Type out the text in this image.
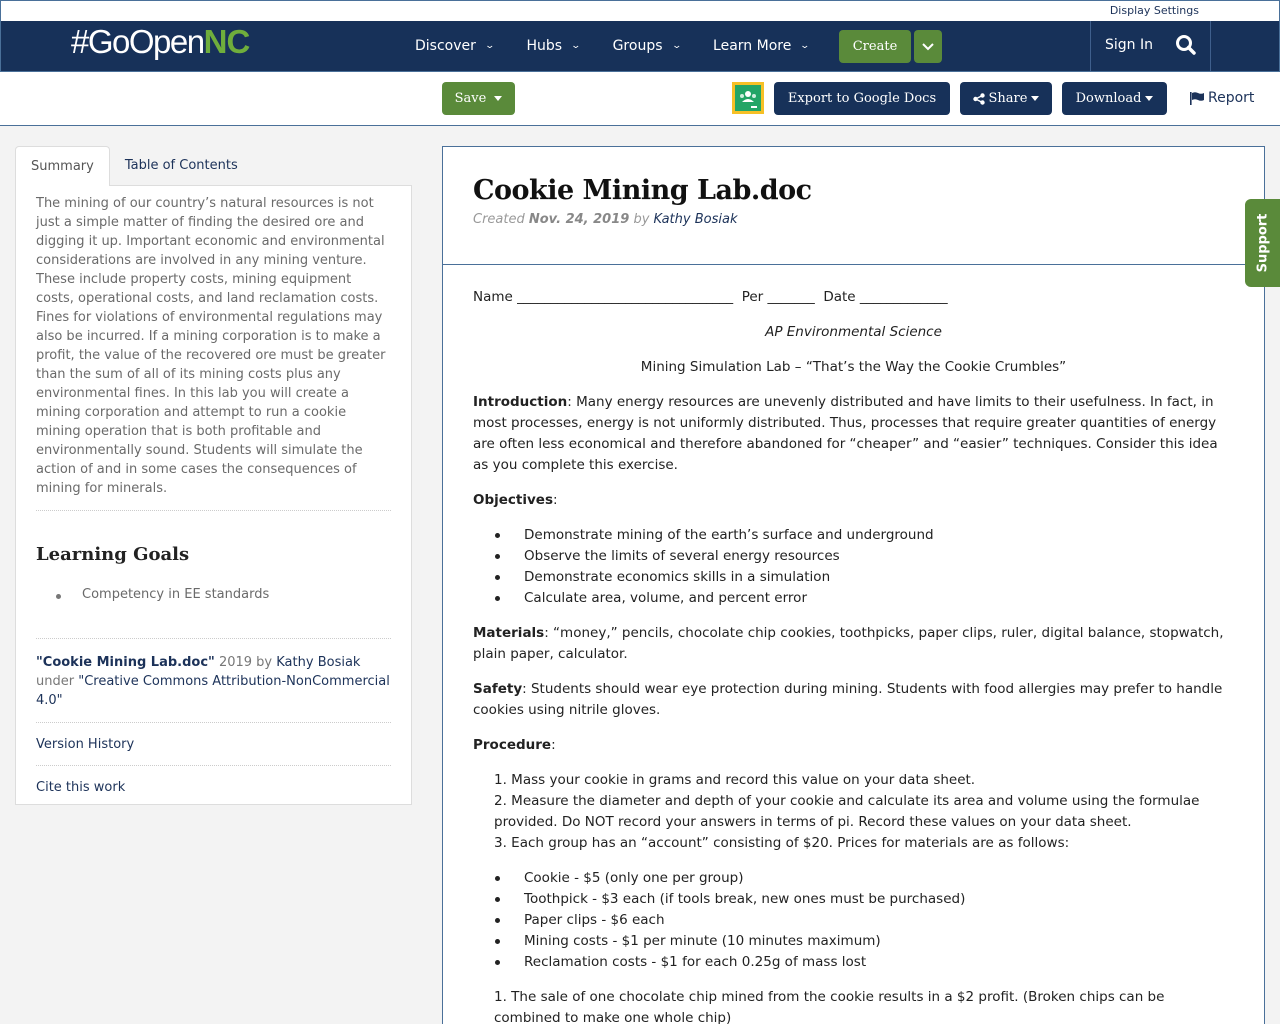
Display Settings
#GoOpenNC	Discover ⌄ Hubs ⌄ Groups ⌄ Learn More ⌄	Create	Sign In
Save	Export to Google Docs	Share	Download	Report
Summary	Table of Contents

The mining of our country’s natural resources is not just a simple matter of finding the desired ore and digging it up. Important economic and environmental considerations are involved in any mining venture. These include property costs, mining equipment costs, operational costs, and land reclamation costs. Fines for violations of environmental regulations may also be incurred. If a mining corporation is to make a profit, the value of the recovered ore must be greater than the sum of all of its mining costs plus any environmental fines. In this lab you will create a mining corporation and attempt to run a cookie mining operation that is both profitable and environmentally sound. Students will simulate the action of and in some cases the consequences of mining for minerals.

Learning Goals
Competency in EE standards
"Cookie Mining Lab.doc" 2019 by Kathy Bosiak
under "Creative Commons Attribution-NonCommercial 4.0"
Version History
Cite this work
Cookie Mining Lab.doc
Created Nov. 24, 2019 by Kathy Bosiak

Name ________________________________  Per _______  Date _____________

AP Environmental Science

Mining Simulation Lab – “That’s the Way the Cookie Crumbles”

Introduction: Many energy resources are unevenly distributed and have limits to their usefulness. In fact, in most processes, energy is not uniformly distributed. Thus, processes that require greater quantities of energy are often less economical and therefore abandoned for “cheaper” and “easier” techniques. Consider this idea as you complete this exercise.

Objectives:

Demonstrate mining of the earth’s surface and underground
Observe the limits of several energy resources
Demonstrate economics skills in a simulation
Calculate area, volume, and percent error

Materials: “money,” pencils, chocolate chip cookies, toothpicks, paper clips, ruler, digital balance, stopwatch, plain paper, calculator.

Safety: Students should wear eye protection during mining. Students with food allergies may prefer to handle cookies using nitrile gloves.

Procedure:

1. Mass your cookie in grams and record this value on your data sheet.
2. Measure the diameter and depth of your cookie and calculate its area and volume using the formulae provided. Do NOT record your answers in terms of pi. Record these values on your data sheet.
3. Each group has an “account” consisting of $20. Prices for materials are as follows:
Cookie - $5 (only one per group)
Toothpick - $3 each (if tools break, new ones must be purchased)
Paper clips - $6 each
Mining costs - $1 per minute (10 minutes maximum)
Reclamation costs - $1 for each 0.25g of mass lost
1. The sale of one chocolate chip mined from the cookie results in a $2 profit. (Broken chips can be combined to make one whole chip)
Support
